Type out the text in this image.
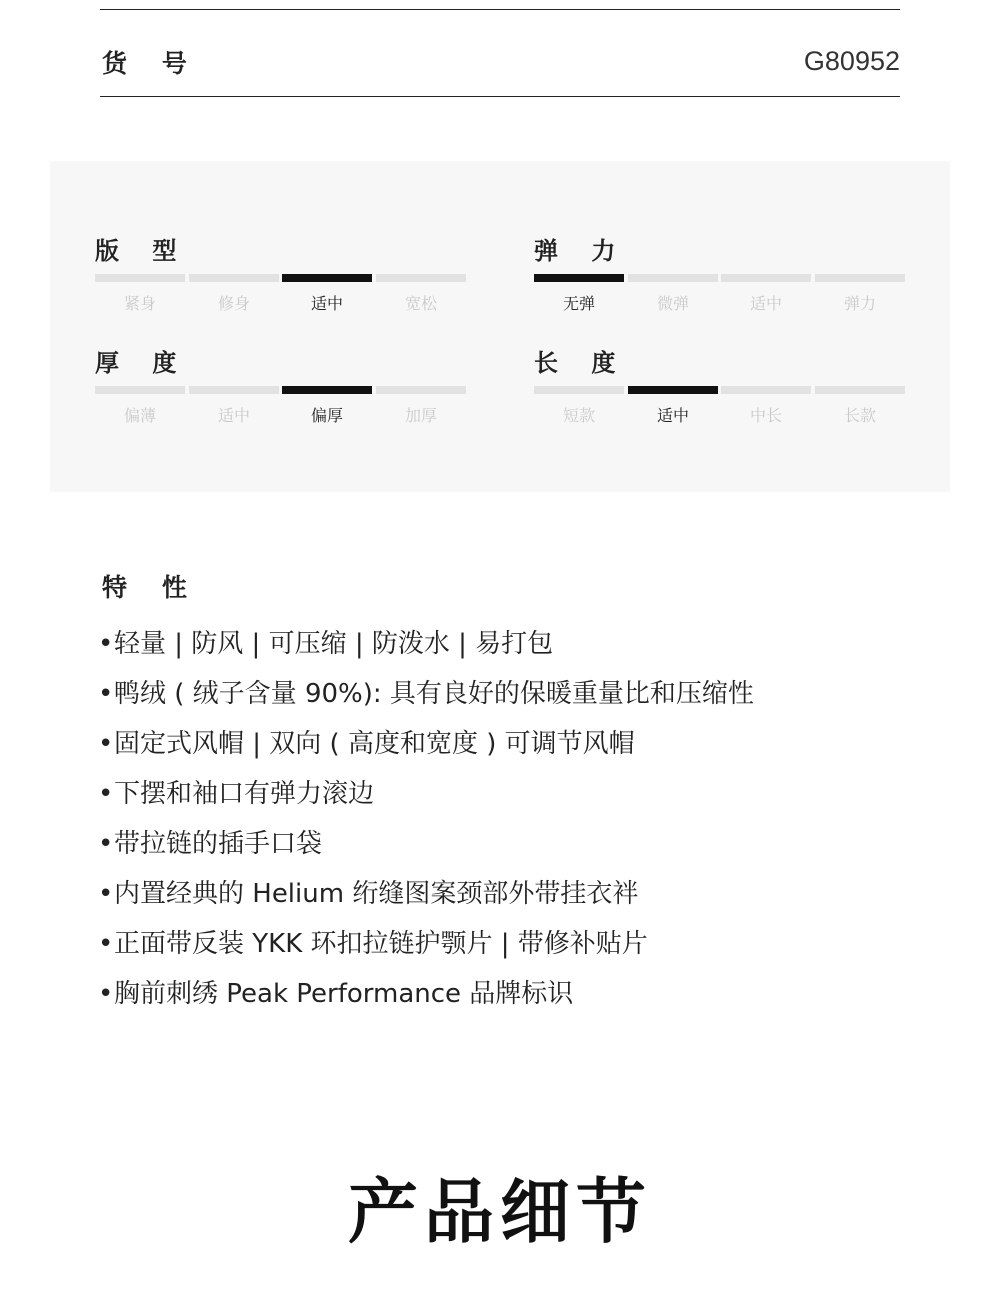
货    号	G80952
版    型
紧身	修身	适中	宽松
弹    力
无弹	微弹	适中	弹力
厚    度
偏薄	适中	偏厚	加厚
长    度
短款	适中	中长	长款
特    性
•轻量 | 防风 | 可压缩 | 防泼水 | 易打包
•鸭绒 ( 绒子含量 90%): 具有良好的保暖重量比和压缩性
•固定式风帽 | 双向 ( 高度和宽度 ) 可调节风帽
•下摆和袖口有弹力滚边
•带拉链的插手口袋
•内置经典的 Helium 绗缝图案颈部外带挂衣袢
•正面带反装 YKK 环扣拉链护颚片 | 带修补贴片
•胸前刺绣 Peak Performance 品牌标识
产品细节
